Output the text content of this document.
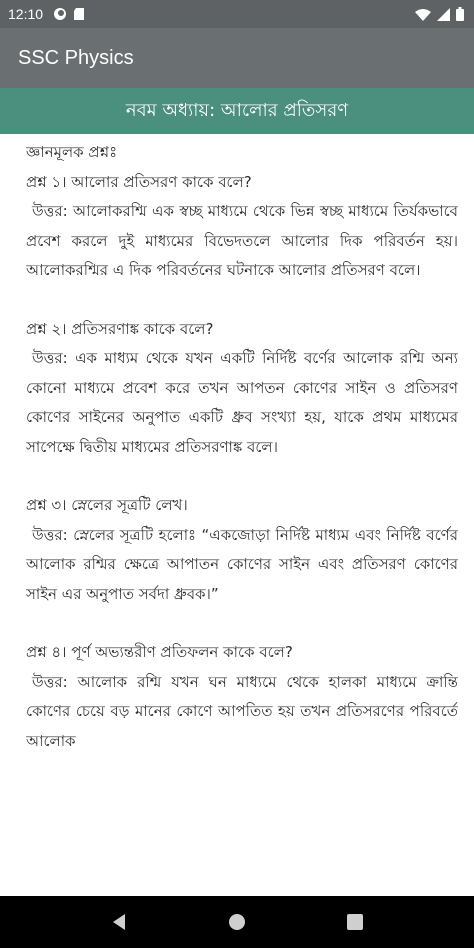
12:10
SSC Physics
নবম অধ্যায়: আলোর প্রতিসরণ

জ্ঞানমূলক প্রশ্নঃ

প্রশ্ন ১। আলোর প্রতিসরণ কাকে বলে?

উত্তর: আলোকরশ্মি এক স্বচ্ছ মাধ্যমে থেকে ভিন্ন স্বচ্ছ মাধ্যমে তির্যকভাবে প্রবেশ করলে দুই মাধ্যমের বিভেদতলে আলোর দিক পরিবর্তন হয়। আলোকরশ্মির এ দিক পরিবর্তনের ঘটনাকে আলোর প্রতিসরণ বলে।

প্রশ্ন ২। প্রতিসরণাঙ্ক কাকে বলে?

উত্তর: এক মাধ্যম থেকে যখন একটি নির্দিষ্ট বর্ণের আলোক রশ্মি অন্য কোনো মাধ্যমে প্রবেশ করে তখন আপতন কোণের সাইন ও প্রতিসরণ কোণের সাইনের অনুপাত একটি ধ্রুব সংখ্যা হয়, যাকে প্রথম মাধ্যমের সাপেক্ষে দ্বিতীয় মাধ্যমের প্রতিসরণাঙ্ক বলে।

প্রশ্ন ৩। স্নেলের সূত্রটি লেখ।

উত্তর: স্নেলের সূত্রটি হলোঃ “একজোড়া নির্দিষ্ট মাধ্যম এবং নির্দিষ্ট বর্ণের আলোক রশ্মির ক্ষেত্রে আপাতন কোণের সাইন এবং প্রতিসরণ কোণের সাইন এর অনুপাত সর্বদা ধ্রুবক।”

প্রশ্ন ৪। পূর্ণ অভ্যন্তরীণ প্রতিফলন কাকে বলে?

উত্তর: আলোক রশ্মি যখন ঘন মাধ্যমে থেকে হালকা মাধ্যমে ক্রান্তি কোণের চেয়ে বড় মানের কোণে আপতিত হয় তখন প্রতিসরণের পরিবর্তে আলোক
